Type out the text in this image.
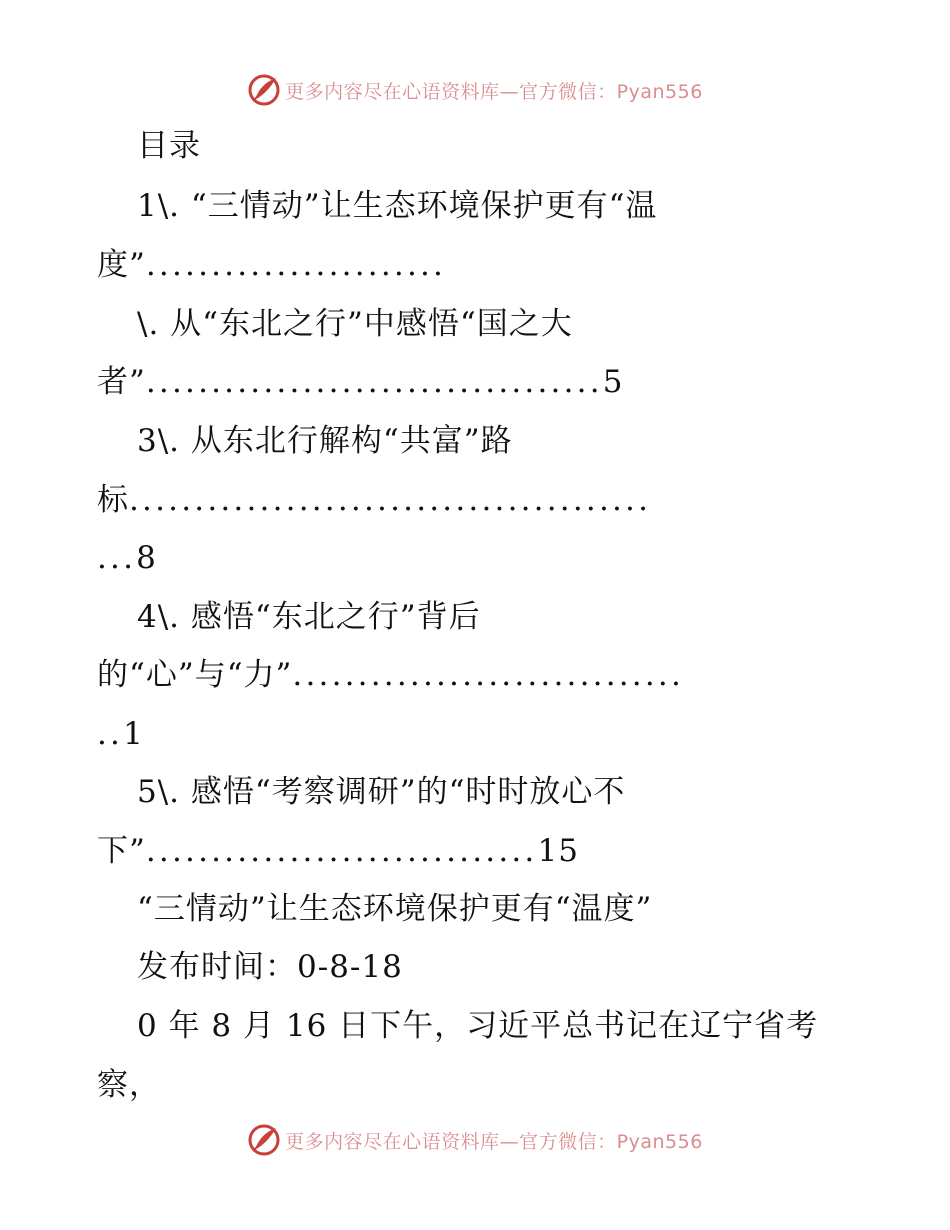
更多内容尽在心语资料库—官方微信：Pyan556
目录
1\. “三情动”让生态环境保护更有“温
度”.......................
\. 从“东北之行”中感悟“国之大
者”...................................5
3\. 从东北行解构“共富”路
标........................................
...8
4\. 感悟“东北之行”背后
的“心”与“力”..............................
..1
5\. 感悟“考察调研”的“时时放心不
下”..............................15
“三情动”让生态环境保护更有“温度”
发布时间：0-8-18
0 年 8 月 16 日下午，习近平总书记在辽宁省考
察，
更多内容尽在心语资料库—官方微信：Pyan556
